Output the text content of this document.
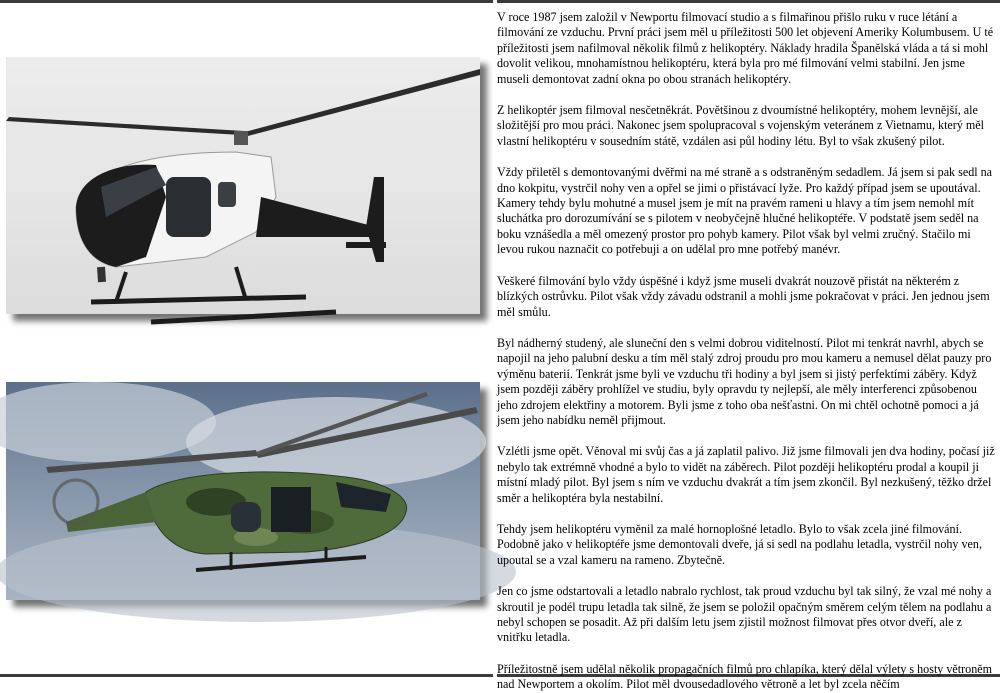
V roce 1987 jsem založil v Newportu filmovací studio a s filmařinou přišlo ruku v ruce létání a filmování ze vzduchu. První práci jsem měl u příležitosti 500 let objevení Ameriky Kolumbusem. U té příležitosti jsem nafilmoval několik filmů z helikoptéry. Náklady hradila Španělská vláda a tá si mohl dovolit velikou, mnohamístnou helikoptéru, která byla pro mé filmování velmi stabilní. Jen jsme museli demontovat zadní okna po obou stranách helikoptéry.

Z helikoptér jsem filmoval nesčetněkrát. Povětšinou z dvoumístné helikoptéry, mohem levnější, ale složitější pro mou práci. Nakonec jsem spolupracoval s vojenským veteránem z Vietnamu, který měl vlastní helikoptéru v sousedním státě, vzdálen asi půl hodiny létu. Byl to však zkušený pilot.

Vždy přiletěl s demontovanými dvěřmi na mé straně a s odstraněným sedadlem. Já jsem si pak sedl na dno kokpitu, vystrčil nohy ven a opřel se jimi o přistávací lyže. Pro každý případ jsem se upoutával. Kamery tehdy bylu mohutné a musel jsem je mít na pravém rameni u hlavy a tím jsem nemohl mít sluchátka pro dorozumívání se s pilotem v neobyčejně hlučné helikoptéře. V podstatě jsem seděl na boku vznášedla a měl omezený prostor pro pohyb kamery. Pilot však byl velmi zručný. Stačilo mi levou rukou naznačit co potřebuji a on udělal pro mne potřebý manévr.

Veškeré filmování bylo vždy úspěšné i když jsme museli dvakrát nouzově přistát na některém z blízkých ostrůvku. Pilot však vždy závadu odstranil a mohli jsme pokračovat v práci. Jen jednou jsem měl smůlu.

Byl nádherný studený, ale sluneční den s velmi dobrou viditelností. Pilot mi tenkrát navrhl, abych se napojil na jeho palubní desku a tím měl stalý zdroj proudu pro mou kameru a nemusel dělat pauzy pro výměnu baterií. Tenkrát jsme byli ve vzduchu tři hodiny a byl jsem si jistý perfektími záběry. Když jsem později záběry prohlížel ve studiu, byly opravdu ty nejlepší, ale měly interferenci způsobenou jeho zdrojem elektřiny a motorem. Byli jsme z toho oba nešťastni. On mi chtěl ochotně pomoci a já jsem jeho nabídku neměl přijmout.

Vzlétli jsme opět. Věnoval mi svůj čas a já zaplatil palivo. Již jsme filmovali jen dva hodiny, počasí již nebylo tak extrémně vhodné a bylo to vidět na záběrech. Pilot později helikoptéru prodal a koupil ji místní mladý pilot. Byl jsem s ním ve vzduchu dvakrát a tím jsem zkončil. Byl nezkušený, těžko držel směr a helikoptéra byla nestabilní.

Tehdy jsem helikoptéru vyměnil za malé hornoplošné letadlo. Bylo to však zcela jiné filmování. Podobně jako v helikoptéře jsme demontovali dveře, já si sedl na podlahu letadla, vystrčil nohy ven, upoutal se a vzal kameru na rameno. Zbytečně.

Jen co jsme odstartovali a letadlo nabralo rychlost, tak proud vzduchu byl tak silný, že vzal mé nohy a skroutil je podél trupu letadla tak silně, že jsem se položil opačným směrem celým tělem na podlahu a nebyl schopen se posadit. Až při dalším letu jsem zjistil možnost filmovat přes otvor dveří, ale z vnitřku letadla.

Příležitostně jsem udělal několik propagačních filmů pro chlapíka, který dělal výlety s hosty větroněm nad Newportem a okolím. Pilot měl dvousedadlového větroně a let byl zcela něčím
